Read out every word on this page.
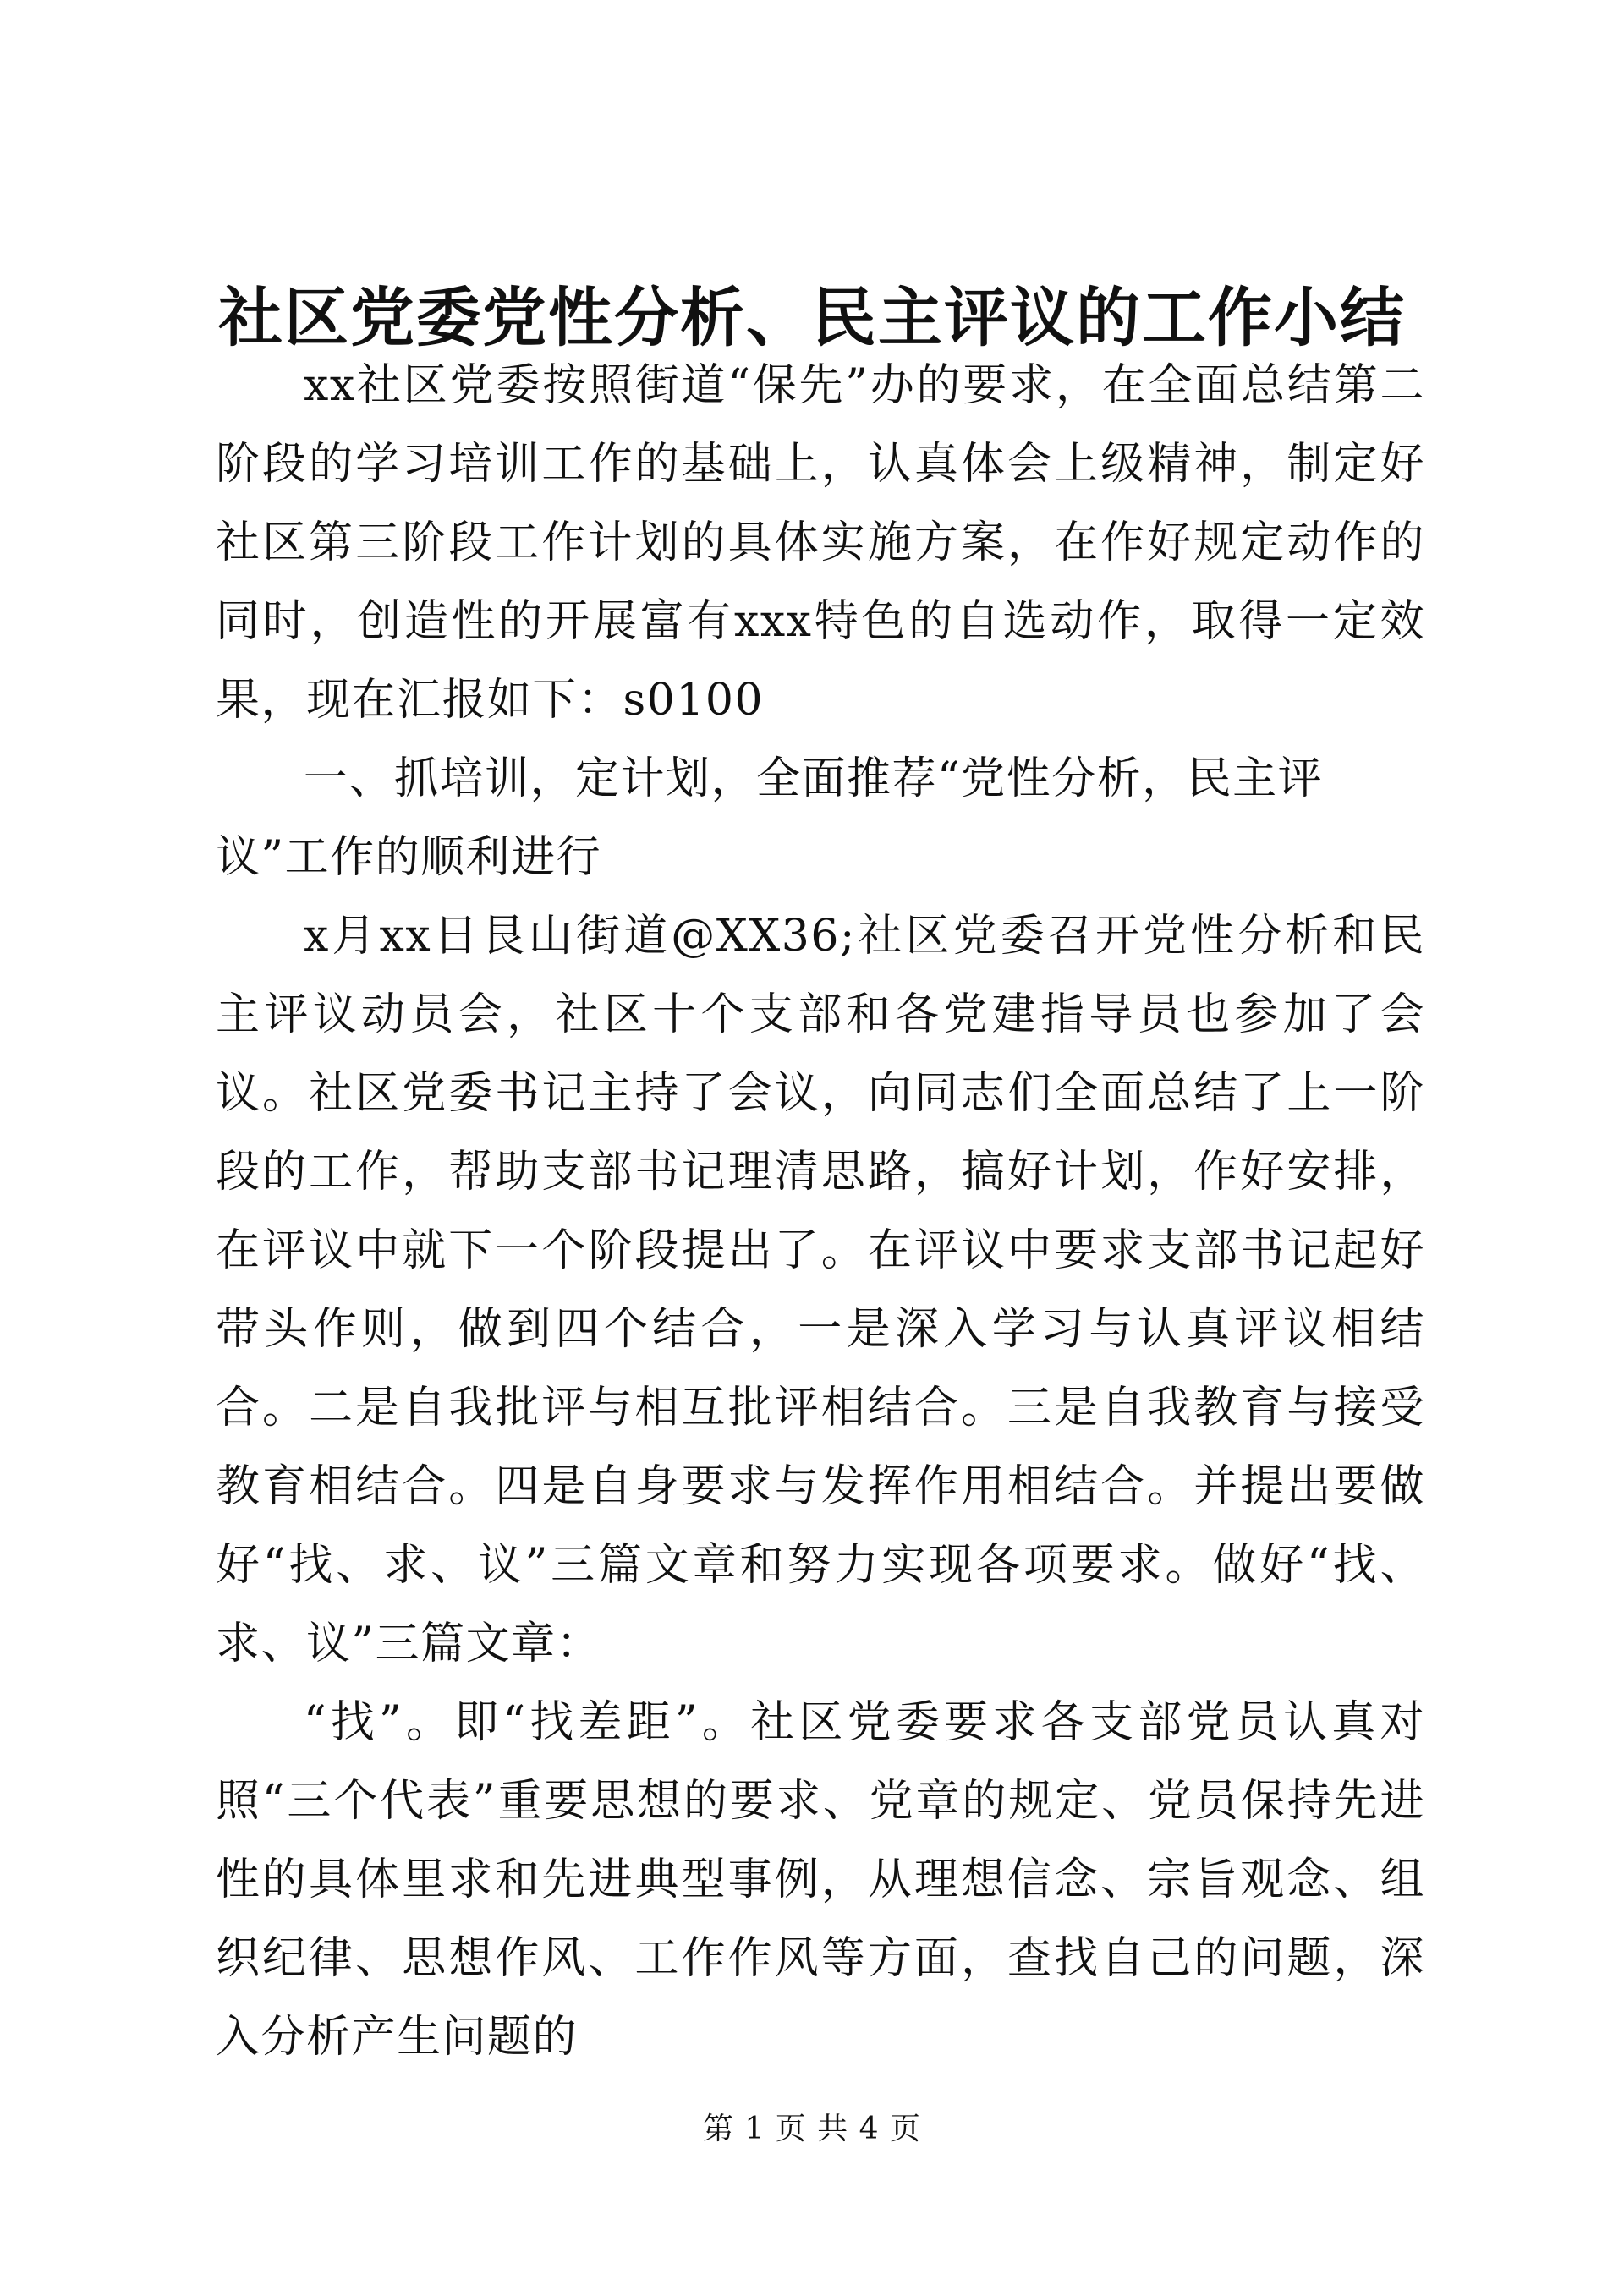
社区党委党性分析、民主评议的工作小结

xx社区党委按照街道“保先”办的要求，在全面总结第二阶段的学习培训工作的基础上，认真体会上级精神，制定好社区第三阶段工作计划的具体实施方案，在作好规定动作的同时，创造性的开展富有xxx特色的自选动作，取得一定效果，现在汇报如下：s0100

一、抓培训，定计划，全面推荐“党性分析，民主评议”工作的顺利进行

x月xx日艮山街道@XX36;社区党委召开党性分析和民主评议动员会，社区十个支部和各党建指导员也参加了会议。社区党委书记主持了会议，向同志们全面总结了上一阶段的工作，帮助支部书记理清思路，搞好计划，作好安排，在评议中就下一个阶段提出了。在评议中要求支部书记起好带头作则，做到四个结合，一是深入学习与认真评议相结合。二是自我批评与相互批评相结合。三是自我教育与接受教育相结合。四是自身要求与发挥作用相结合。并提出要做好“找、求、议”三篇文章和努力实现各项要求。做好“找、求、议”三篇文章：

“找”。即“找差距”。社区党委要求各支部党员认真对照“三个代表”重要思想的要求、党章的规定、党员保持先进性的具体里求和先进典型事例，从理想信念、宗旨观念、组织纪律、思想作风、工作作风等方面，查找自己的问题，深入分析产生问题的

第 1 页 共 4 页
